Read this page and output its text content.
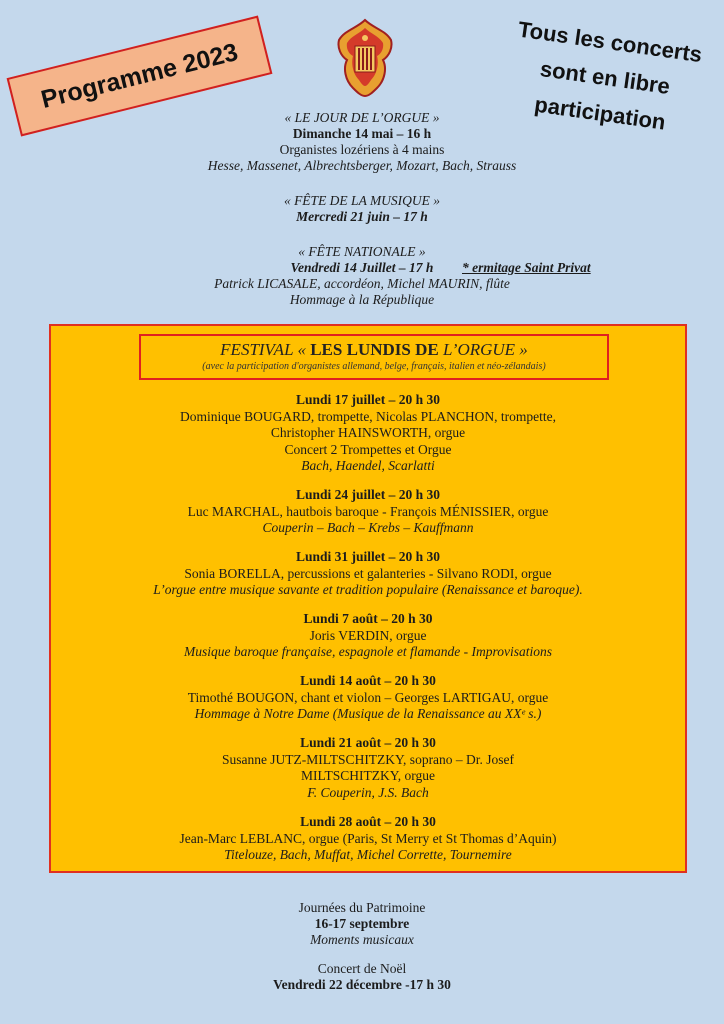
Programme 2023	Tous les concerts
sont en libre
participation
« LE JOUR DE L’ORGUE »
Dimanche 14 mai – 16 h
Organistes lozériens à 4 mains
Hesse, Massenet, Albrechtsberger, Mozart, Bach, Strauss
« FÊTE DE LA MUSIQUE »
Mercredi 21 juin – 17 h
« FÊTE NATIONALE »
Vendredi 14 Juillet – 17 h * ermitage Saint Privat
Patrick LICASALE, accordéon, Michel MAURIN, flûte
Hommage à la République
FESTIVAL « LES LUNDIS DE L’ORGUE »
(avec la participation d'organistes allemand, belge, français, italien et néo-zélandais)
Lundi 17 juillet – 20 h 30
Dominique BOUGARD, trompette, Nicolas PLANCHON, trompette,
Christopher HAINSWORTH, orgue
Concert 2 Trompettes et Orgue
Bach, Haendel, Scarlatti
Lundi 24 juillet – 20 h 30
Luc MARCHAL, hautbois baroque - François MÉNISSIER, orgue
Couperin – Bach – Krebs – Kauffmann
Lundi 31 juillet – 20 h 30
Sonia BORELLA, percussions et galanteries - Silvano RODI, orgue
L’orgue entre musique savante et tradition populaire (Renaissance et baroque).
Lundi 7 août – 20 h 30
Joris VERDIN, orgue
Musique baroque française, espagnole et flamande - Improvisations
Lundi 14 août – 20 h 30
Timothé BOUGON, chant et violon – Georges LARTIGAU, orgue
Hommage à Notre Dame (Musique de la Renaissance au XXᵉ s.)
Lundi 21 août – 20 h 30
Susanne JUTZ-MILTSCHITZKY, soprano – Dr. Josef
MILTSCHITZKY, orgue
F. Couperin, J.S. Bach
Lundi 28 août – 20 h 30
Jean-Marc LEBLANC, orgue (Paris, St Merry et St Thomas d’Aquin)
Titelouze, Bach, Muffat, Michel Corrette, Tournemire
Journées du Patrimoine
16-17 septembre
Moments musicaux
Concert de Noël
Vendredi 22 décembre -17 h 30
